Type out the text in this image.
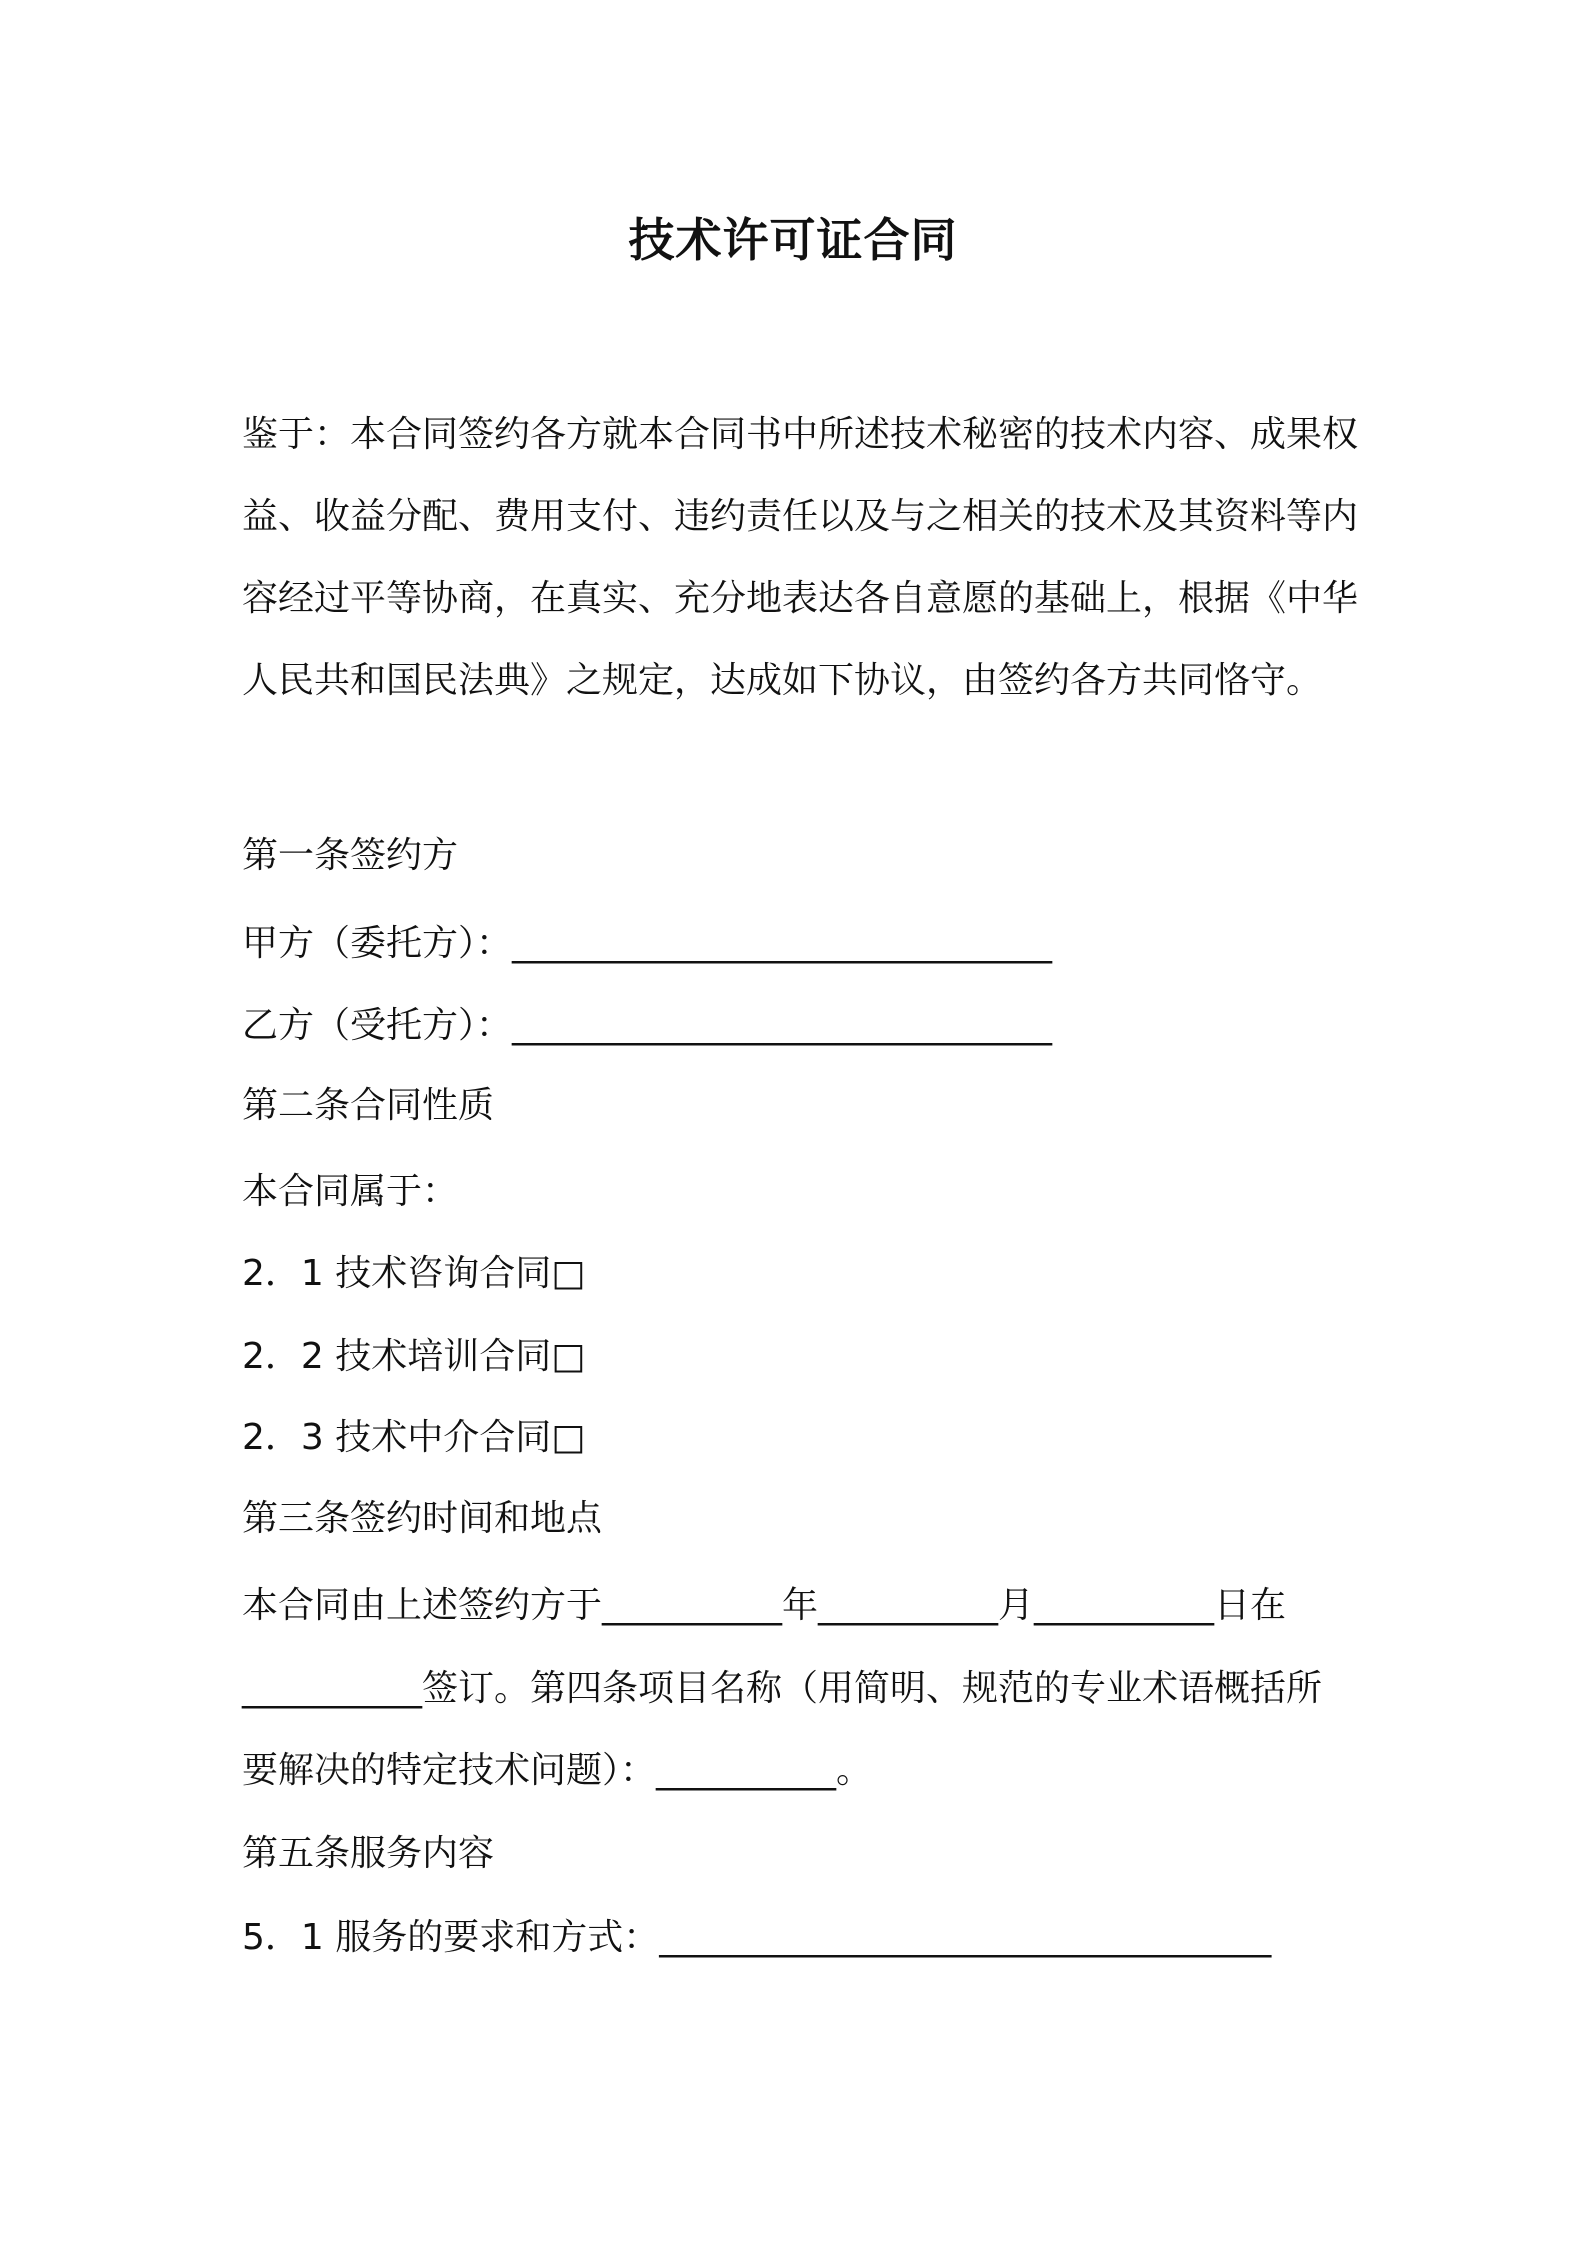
技术许可证合同
鉴于：本合同签约各方就本合同书中所述技术秘密的技术内容、成果权益、收益分配、费用支付、违约责任以及与之相关的技术及其资料等内容经过平等协商，在真实、充分地表达各自意愿的基础上，根据《中华人民共和国民法典》之规定，达成如下协议，由签约各方共同恪守。
第一条签约方
甲方（委托方）：______________________________
乙方（受托方）：______________________________
第二条合同性质
本合同属于：
2．1 技术咨询合同□
2．2 技术培训合同□
2．3 技术中介合同□
第三条签约时间和地点
本合同由上述签约方于__________年__________月__________日在
__________签订。第四条项目名称（用简明、规范的专业术语概括所
要解决的特定技术问题）：__________。
第五条服务内容
5．1 服务的要求和方式：__________________________________
